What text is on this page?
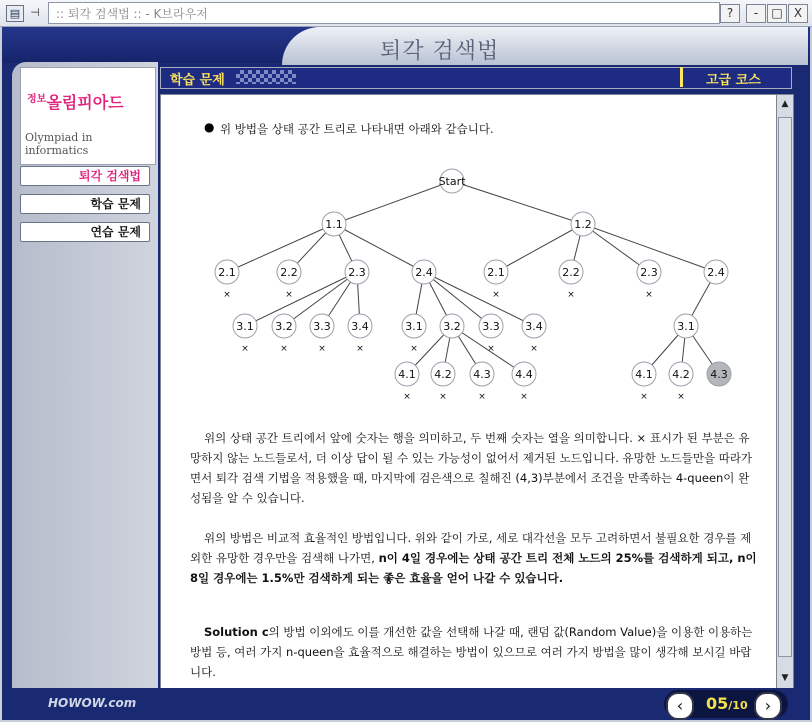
▤ ⊣ :: 퇴각 검색법 :: - K브라우저	?	-	□ X
퇴각 검색법
$^{정보}$올림피아드
Olympiad in informatics
퇴각 검색법
학습 문제
연습 문제
학습 문제	고급 코스
● 위 방법을 상태 공간 트리로 나타내면 아래와 같습니다.
Start
1.1	1.2
2.1
×
2.2
×
2.3	2.4	2.1
×
2.2
×
2.3
×
2.4
3.1
×
3.2
×
3.3
×
3.4
×
3.1
×
3.2 3.3
×
3.4
×
3.1
4.1
×
4.2
×
4.3
×
4.4
×
4.1
×
4.2
×
4.3
위의 상태 공간 트리에서 앞에 숫자는 행을 의미하고, 두 번째 숫자는 열을 의미합니다. × 표시가 된 부분은 유망하지 않는 노드들로서, 더 이상 답이 될 수 있는 가능성이 없어서 제거된 노드입니다. 유망한 노드들만을 따라가면서 퇴각 검색 기법을 적용했을 때, 마지막에 검은색으로 칠해진 (4,3)부분에서 조건을 만족하는 4-queen이 완성됨을 알 수 있습니다.
위의 방법은 비교적 효율적인 방법입니다. 위와 같이 가로, 세로 대각선을 모두 고려하면서 불필요한 경우를 제외한 유망한 경우만을 검색해 나가면, n이 4일 경우에는 상태 공간 트리 전체 노드의 25%를 검색하게 되고, n이 8일 경우에는 1.5%만 검색하게 되는 좋은 효율을 얻어 나갈 수 있습니다.
Solution c의 방법 이외에도 이를 개선한 값을 선택해 나갈 때, 랜덤 값(Random Value)을 이용한 이용하는 방법 등, 여러 가지 n-queen을 효율적으로 해결하는 방법이 있으므로 여러 가지 방법을 많이 생각해 보시길 바랍니다.
▲
▼
HOWOW.com	‹	05/10	›
